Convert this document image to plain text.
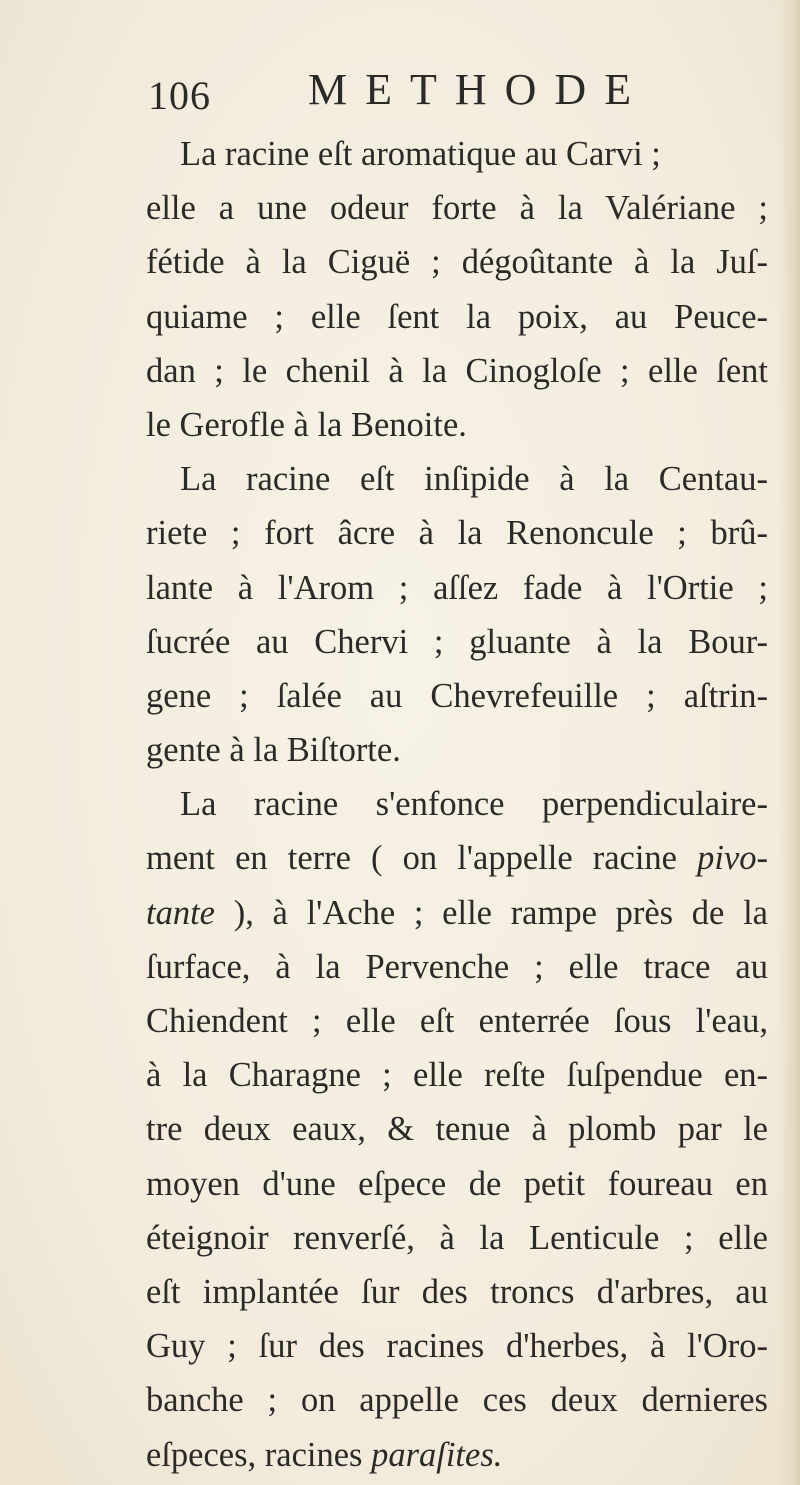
106 METHODE
La racine eſt aromatique au Carvi ;
elle a une odeur forte à la Valériane ;
fétide à la Ciguë ; dégoûtante à la Juſ-
quiame ; elle ſent la poix, au Peuce-
dan ; le chenil à la Cinogloſe ; elle ſent
le Gerofle à la Benoite.
La racine eſt inſipide à la Centau-
riete ; fort âcre à la Renoncule ; brû-
lante à l'Arom ; aſſez fade à l'Ortie ;
ſucrée au Chervi ; gluante à la Bour-
gene ; ſalée au Chevrefeuille ; aſtrin-
gente à la Biſtorte.
La racine s'enfonce perpendiculaire-
ment en terre ( on l'appelle racine pivo-
tante ), à l'Ache ; elle rampe près de la
ſurface, à la Pervenche ; elle trace au
Chiendent ; elle eſt enterrée ſous l'eau,
à la Charagne ; elle reſte ſuſpendue en-
tre deux eaux, & tenue à plomb par le
moyen d'une eſpece de petit foureau en
éteignoir renverſé, à la Lenticule ; elle
eſt implantée ſur des troncs d'arbres, au
Guy ; ſur des racines d'herbes, à l'Oro-
banche ; on appelle ces deux dernieres
eſpeces, racines paraſites.
